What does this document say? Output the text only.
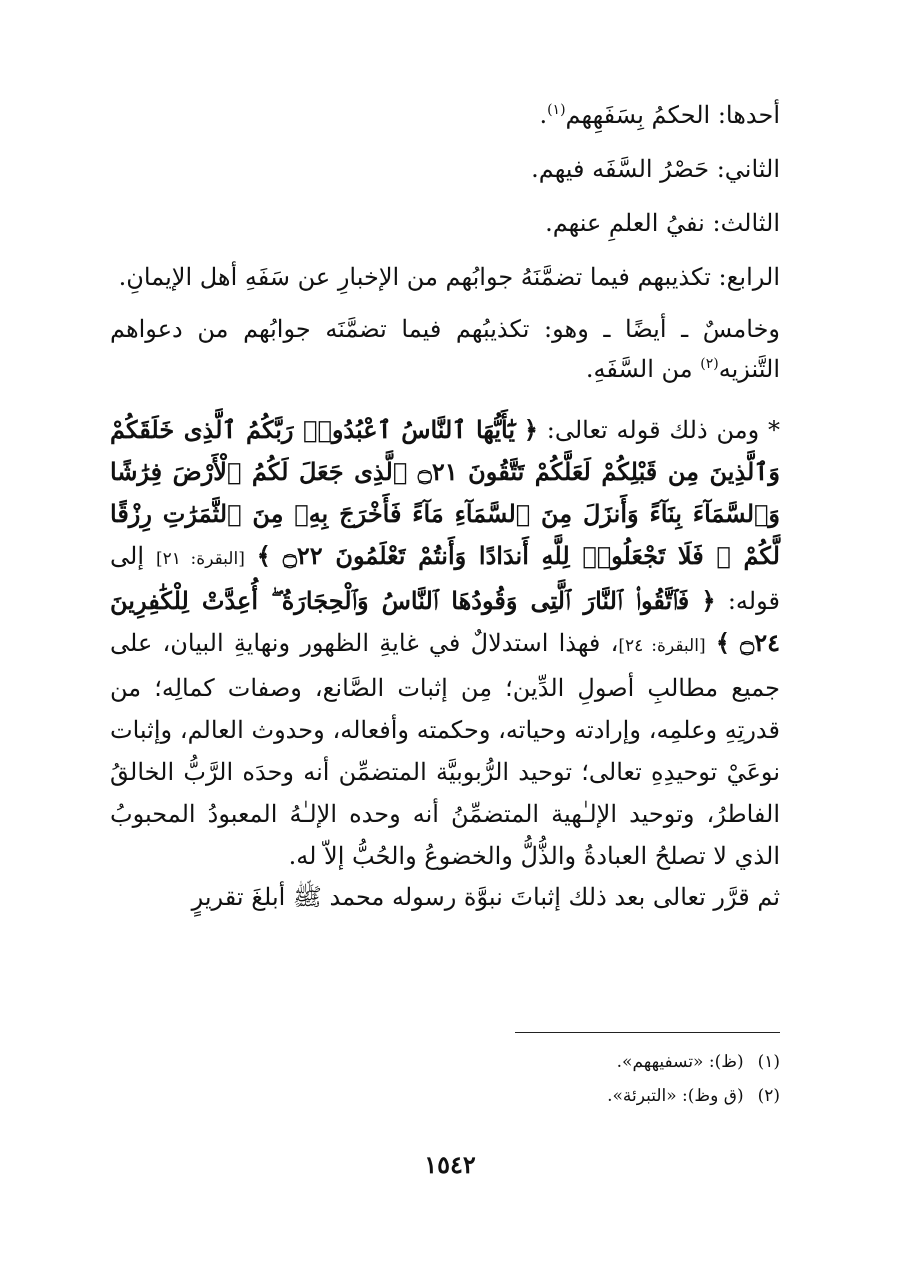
أحدها: الحكمُ بِسَفَهِهم$^{(١)}$.

الثاني: حَصْرُ السَّفَه فيهم.

الثالث: نفيُ العلمِ عنهم.

الرابع: تكذيبهم فيما تضمَّنَهُ جوابُهم من الإخبارِ عن سَفَهِ أهل الإيمانِ.

وخامسٌ ـ أيضًا ـ وهو: تكذيبُهم فيما تضمَّنَه جوابُهم من دعواهم التَّنزيه$^{(٢)}$ من السَّفَهِ.

* ومن ذلك قوله تعالى: ﴿ يَٰٓأَيُّهَا ٱلنَّاسُ ٱعْبُدُوا۟ رَبَّكُمُ ٱلَّذِى خَلَقَكُمْ وَٱلَّذِينَ مِن قَبْلِكُمْ لَعَلَّكُمْ تَتَّقُونَ ۝٢١ ٱلَّذِى جَعَلَ لَكُمُ ٱلْأَرْضَ فِرَٰشًا وَٱلسَّمَآءَ بِنَآءً وَأَنزَلَ مِنَ ٱلسَّمَآءِ مَآءً فَأَخْرَجَ بِهِۦ مِنَ ٱلثَّمَرَٰتِ رِزْقًا لَّكُمْ ۖ فَلَا تَجْعَلُوا۟ لِلَّهِ أَندَادًا وَأَنتُمْ تَعْلَمُونَ ۝٢٢ ﴾ [البقرة: ٢١] إلى قوله: ﴿ فَٱتَّقُوا۟ ٱلنَّارَ ٱلَّتِى وَقُودُهَا ٱلنَّاسُ وَٱلْحِجَارَةُ ۖ أُعِدَّتْ لِلْكَٰفِرِينَ ۝٢٤ ﴾ [البقرة: ٢٤]، فهذا استدلالٌ في غايةِ الظهور ونهايةِ البيان، على جميع مطالبِ أصولِ الدِّين؛ مِن إثبات الصَّانع، وصفات كمالِه؛ من قدرتِهِ وعلمِه، وإرادته وحياته، وحكمته وأفعاله، وحدوث العالم، وإثبات نوعَيْ توحيدِهِ تعالى؛ توحيد الرُّبوبيَّة المتضمِّن أنه وحدَه الرَّبُّ الخالقُ الفاطرُ، وتوحيد الإلـٰهية المتضمِّنُ أنه وحده الإلـٰهُ المعبودُ المحبوبُ الذي لا تصلحُ العبادةُ والذُّلُّ والخضوعُ والحُبُّ إلاّ له.

ثم قرَّر تعالى بعد ذلك إثباتَ نبوَّة رسوله محمد ﷺ أبلغَ تقريرٍ

(١)(ظ): «تسفيههم».
(٢)(ق وظ): «التبرئة».
١٥٤٢
